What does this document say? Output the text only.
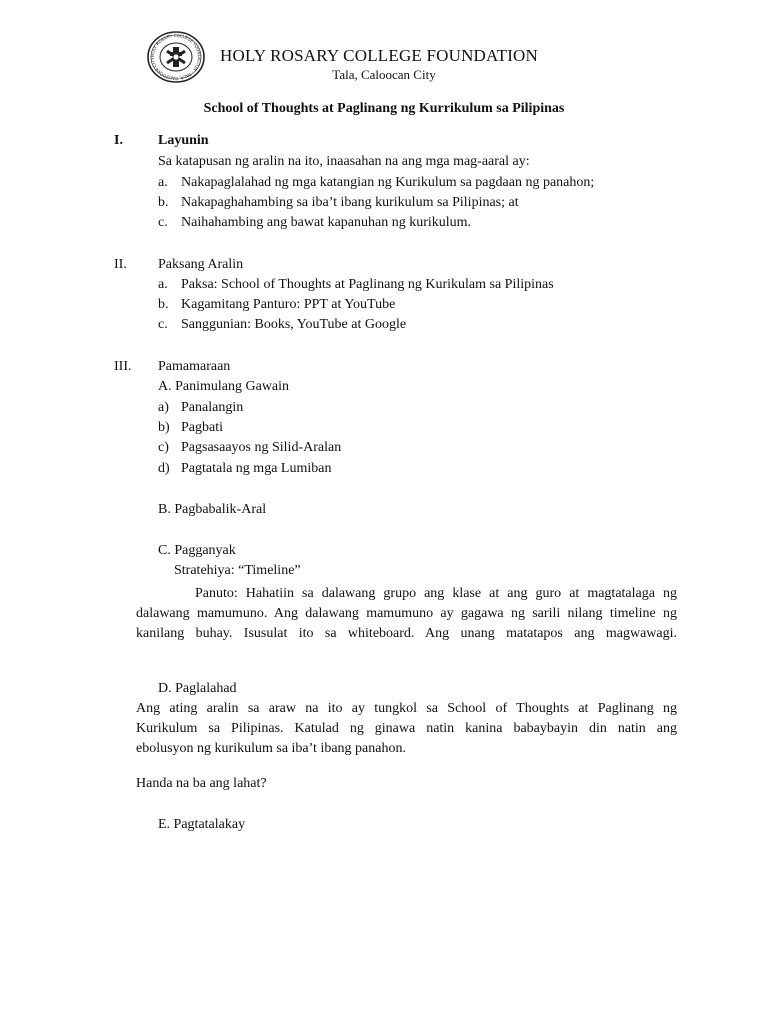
HOLY ROSARY COLLEGE FOUNDATION · TALA, CALOOCAN CITY	HOLY ROSARY COLLEGE FOUNDATION
Tala, Caloocan City
School of Thoughts at Paglinang ng Kurrikulum sa Pilipinas
I.	Layunin
Sa katapusan ng aralin na ito, inaasahan na ang mga mag-aaral ay:
a. Nakapaglalahad ng mga katangian ng Kurikulum sa pagdaan ng panahon;
b. Nakapaghahambing sa iba’t ibang kurikulum sa Pilipinas; at
c. Naihahambing ang bawat kapanuhan ng kurikulum.
II. Paksang Aralin
a. Paksa: School of Thoughts at Paglinang ng Kurikulam sa Pilipinas
b. Kagamitang Panturo: PPT at YouTube
c. Sanggunian: Books, YouTube at Google
III. Pamamaraan
A. Panimulang Gawain
a) Panalangin
b) Pagbati
c) Pagsasaayos ng Silid-Aralan
d) Pagtatala ng mga Lumiban
B. Pagbabalik-Aral
C. Pagganyak
Stratehiya: “Timeline”
Panuto: Hahatiin sa dalawang grupo ang klase at ang guro at magtatalaga ng
dalawang mamumuno. Ang dalawang mamumuno ay gagawa ng sarili nilang timeline ng
kanilang buhay. Isusulat ito sa whiteboard. Ang unang matatapos ang magwawagi.
D. Paglalahad
Ang ating aralin sa araw na ito ay tungkol sa School of Thoughts at Paglinang ng
Kurikulum sa Pilipinas. Katulad ng ginawa natin kanina babaybayin din natin ang
ebolusyon ng kurikulum sa iba’t ibang panahon.
Handa na ba ang lahat?
E. Pagtatalakay
